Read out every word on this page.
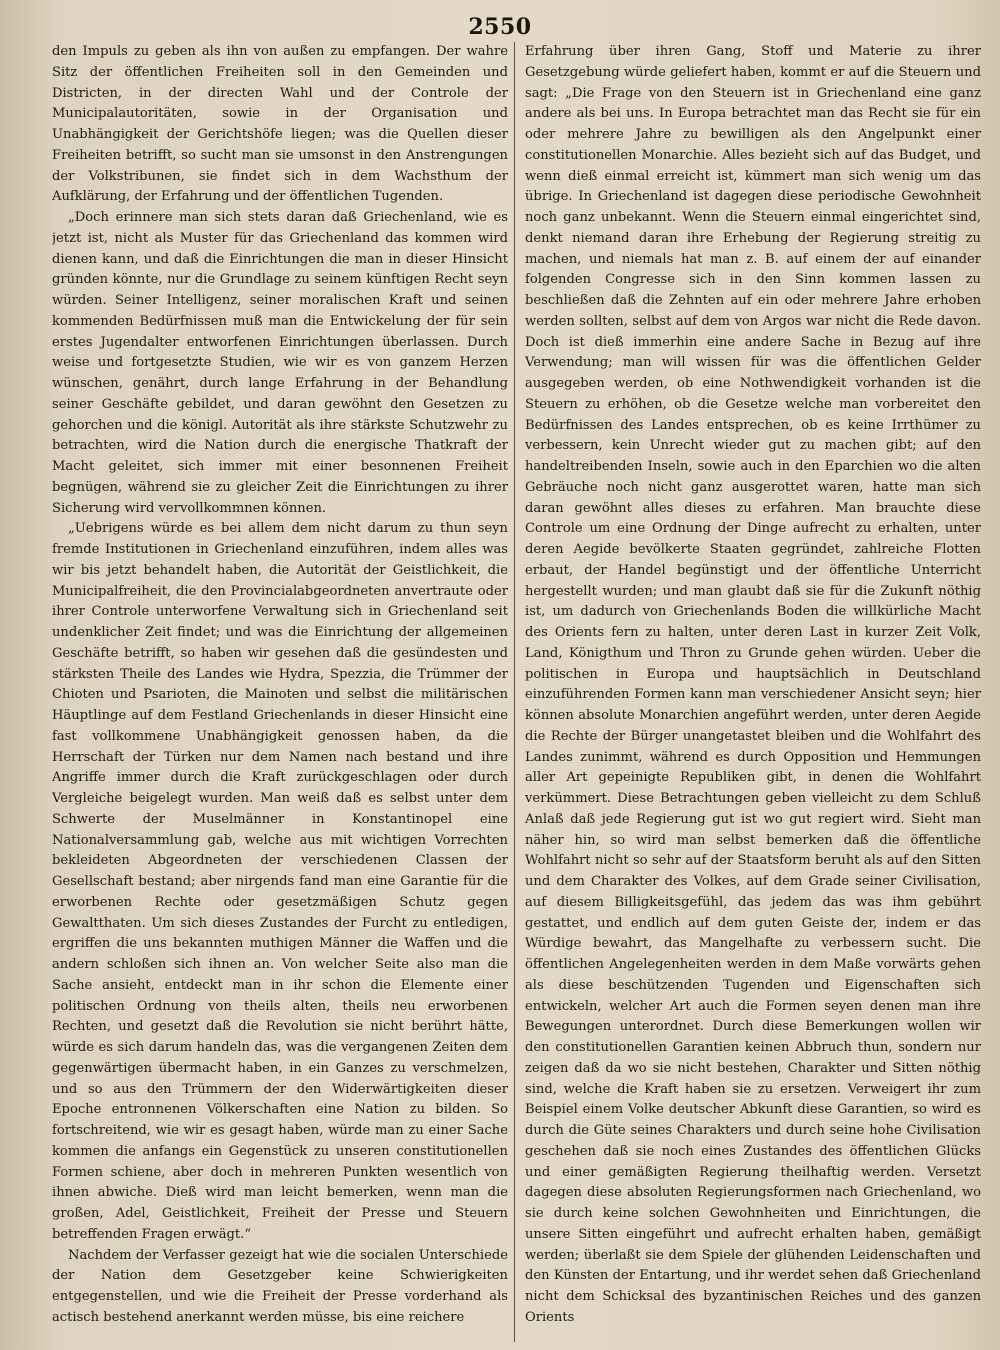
2550

den Impuls zu geben als ihn von außen zu empfangen. Der wahre Sitz der öffentlichen Freiheiten soll in den Gemeinden und Districten, in der directen Wahl und der Controle der Municipalautoritäten, sowie in der Organisation und Unabhängigkeit der Gerichtshöfe liegen; was die Quellen dieser Freiheiten betrifft, so sucht man sie umsonst in den Anstrengungen der Volkstribunen, sie findet sich in dem Wachsthum der Aufklärung, der Erfahrung und der öffentlichen Tugenden.

„Doch erinnere man sich stets daran daß Griechenland, wie es jetzt ist, nicht als Muster für das Griechenland das kommen wird dienen kann, und daß die Einrichtungen die man in dieser Hinsicht gründen könnte, nur die Grundlage zu seinem künftigen Recht seyn würden. Seiner Intelligenz, seiner moralischen Kraft und seinen kommenden Bedürfnissen muß man die Entwickelung der für sein erstes Jugendalter entworfenen Einrichtungen überlassen. Durch weise und fortgesetzte Studien, wie wir es von ganzem Herzen wünschen, genährt, durch lange Erfahrung in der Behandlung seiner Geschäfte gebildet, und daran gewöhnt den Gesetzen zu gehorchen und die königl. Autorität als ihre stärkste Schutzwehr zu betrachten, wird die Nation durch die energische Thatkraft der Macht geleitet, sich immer mit einer besonnenen Freiheit begnügen, während sie zu gleicher Zeit die Einrichtungen zu ihrer Sicherung wird vervollkommnen können.

„Uebrigens würde es bei allem dem nicht darum zu thun seyn fremde Institutionen in Griechenland einzuführen, indem alles was wir bis jetzt behandelt haben, die Autorität der Geistlichkeit, die Municipalfreiheit, die den Provincialabgeordneten anvertraute oder ihrer Controle unterworfene Verwaltung sich in Griechenland seit undenklicher Zeit findet; und was die Einrichtung der allgemeinen Geschäfte betrifft, so haben wir gesehen daß die gesündesten und stärksten Theile des Landes wie Hydra, Spezzia, die Trümmer der Chioten und Psarioten, die Mainoten und selbst die militärischen Häuptlinge auf dem Festland Griechenlands in dieser Hinsicht eine fast vollkommene Unabhängigkeit genossen haben, da die Herrschaft der Türken nur dem Namen nach bestand und ihre Angriffe immer durch die Kraft zurückgeschlagen oder durch Vergleiche beigelegt wurden. Man weiß daß es selbst unter dem Schwerte der Muselmänner in Konstantinopel eine Nationalversammlung gab, welche aus mit wichtigen Vorrechten bekleideten Abgeordneten der verschiedenen Classen der Gesellschaft bestand; aber nirgends fand man eine Garantie für die erworbenen Rechte oder gesetzmäßigen Schutz gegen Gewaltthaten. Um sich dieses Zustandes der Furcht zu entledigen, ergriffen die uns bekannten muthigen Männer die Waffen und die andern schloßen sich ihnen an. Von welcher Seite also man die Sache ansieht, entdeckt man in ihr schon die Elemente einer politischen Ordnung von theils alten, theils neu erworbenen Rechten, und gesetzt daß die Revolution sie nicht berührt hätte, würde es sich darum handeln das, was die vergangenen Zeiten dem gegenwärtigen übermacht haben, in ein Ganzes zu verschmelzen, und so aus den Trümmern der den Widerwärtigkeiten dieser Epoche entronnenen Völkerschaften eine Nation zu bilden. So fortschreitend, wie wir es gesagt haben, würde man zu einer Sache kommen die anfangs ein Gegenstück zu unseren constitutionellen Formen schiene, aber doch in mehreren Punkten wesentlich von ihnen abwiche. Dieß wird man leicht bemerken, wenn man die großen, Adel, Geistlichkeit, Freiheit der Presse und Steuern betreffenden Fragen erwägt.“

Nachdem der Verfasser gezeigt hat wie die socialen Unterschiede der Nation dem Gesetzgeber keine Schwierigkeiten entgegenstellen, und wie die Freiheit der Presse vorderhand als actisch bestehend anerkannt werden müsse, bis eine reichere

Erfahrung über ihren Gang, Stoff und Materie zu ihrer Gesetzgebung würde geliefert haben, kommt er auf die Steuern und sagt: „Die Frage von den Steuern ist in Griechenland eine ganz andere als bei uns. In Europa betrachtet man das Recht sie für ein oder mehrere Jahre zu bewilligen als den Angelpunkt einer constitutionellen Monarchie. Alles bezieht sich auf das Budget, und wenn dieß einmal erreicht ist, kümmert man sich wenig um das übrige. In Griechenland ist dagegen diese periodische Gewohnheit noch ganz unbekannt. Wenn die Steuern einmal eingerichtet sind, denkt niemand daran ihre Erhebung der Regierung streitig zu machen, und niemals hat man z. B. auf einem der auf einander folgenden Congresse sich in den Sinn kommen lassen zu beschließen daß die Zehnten auf ein oder mehrere Jahre erhoben werden sollten, selbst auf dem von Argos war nicht die Rede davon. Doch ist dieß immerhin eine andere Sache in Bezug auf ihre Verwendung; man will wissen für was die öffentlichen Gelder ausgegeben werden, ob eine Nothwendigkeit vorhanden ist die Steuern zu erhöhen, ob die Gesetze welche man vorbereitet den Bedürfnissen des Landes entsprechen, ob es keine Irrthümer zu verbessern, kein Unrecht wieder gut zu machen gibt; auf den handeltreibenden Inseln, sowie auch in den Eparchien wo die alten Gebräuche noch nicht ganz ausgerottet waren, hatte man sich daran gewöhnt alles dieses zu erfahren. Man brauchte diese Controle um eine Ordnung der Dinge aufrecht zu erhalten, unter deren Aegide bevölkerte Staaten gegründet, zahlreiche Flotten erbaut, der Handel begünstigt und der öffentliche Unterricht hergestellt wurden; und man glaubt daß sie für die Zukunft nöthig ist, um dadurch von Griechenlands Boden die willkürliche Macht des Orients fern zu halten, unter deren Last in kurzer Zeit Volk, Land, Königthum und Thron zu Grunde gehen würden. Ueber die politischen in Europa und hauptsächlich in Deutschland einzuführenden Formen kann man verschiedener Ansicht seyn; hier können absolute Monarchien angeführt werden, unter deren Aegide die Rechte der Bürger unangetastet bleiben und die Wohlfahrt des Landes zunimmt, während es durch Opposition und Hemmungen aller Art gepeinigte Republiken gibt, in denen die Wohlfahrt verkümmert. Diese Betrachtungen geben vielleicht zu dem Schluß Anlaß daß jede Regierung gut ist wo gut regiert wird. Sieht man näher hin, so wird man selbst bemerken daß die öffentliche Wohlfahrt nicht so sehr auf der Staatsform beruht als auf den Sitten und dem Charakter des Volkes, auf dem Grade seiner Civilisation, auf diesem Billigkeitsgefühl, das jedem das was ihm gebührt gestattet, und endlich auf dem guten Geiste der, indem er das Würdige bewahrt, das Mangelhafte zu verbessern sucht. Die öffentlichen Angelegenheiten werden in dem Maße vorwärts gehen als diese beschützenden Tugenden und Eigenschaften sich entwickeln, welcher Art auch die Formen seyen denen man ihre Bewegungen unterordnet. Durch diese Bemerkungen wollen wir den constitutionellen Garantien keinen Abbruch thun, sondern nur zeigen daß da wo sie nicht bestehen, Charakter und Sitten nöthig sind, welche die Kraft haben sie zu ersetzen. Verweigert ihr zum Beispiel einem Volke deutscher Abkunft diese Garantien, so wird es durch die Güte seines Charakters und durch seine hohe Civilisation geschehen daß sie noch eines Zustandes des öffentlichen Glücks und einer gemäßigten Regierung theilhaftig werden. Versetzt dagegen diese absoluten Regierungsformen nach Griechenland, wo sie durch keine solchen Gewohnheiten und Einrichtungen, die unsere Sitten eingeführt und aufrecht erhalten haben, gemäßigt werden; überlaßt sie dem Spiele der glühenden Leidenschaften und den Künsten der Entartung, und ihr werdet sehen daß Griechenland nicht dem Schicksal des byzantinischen Reiches und des ganzen Orients
